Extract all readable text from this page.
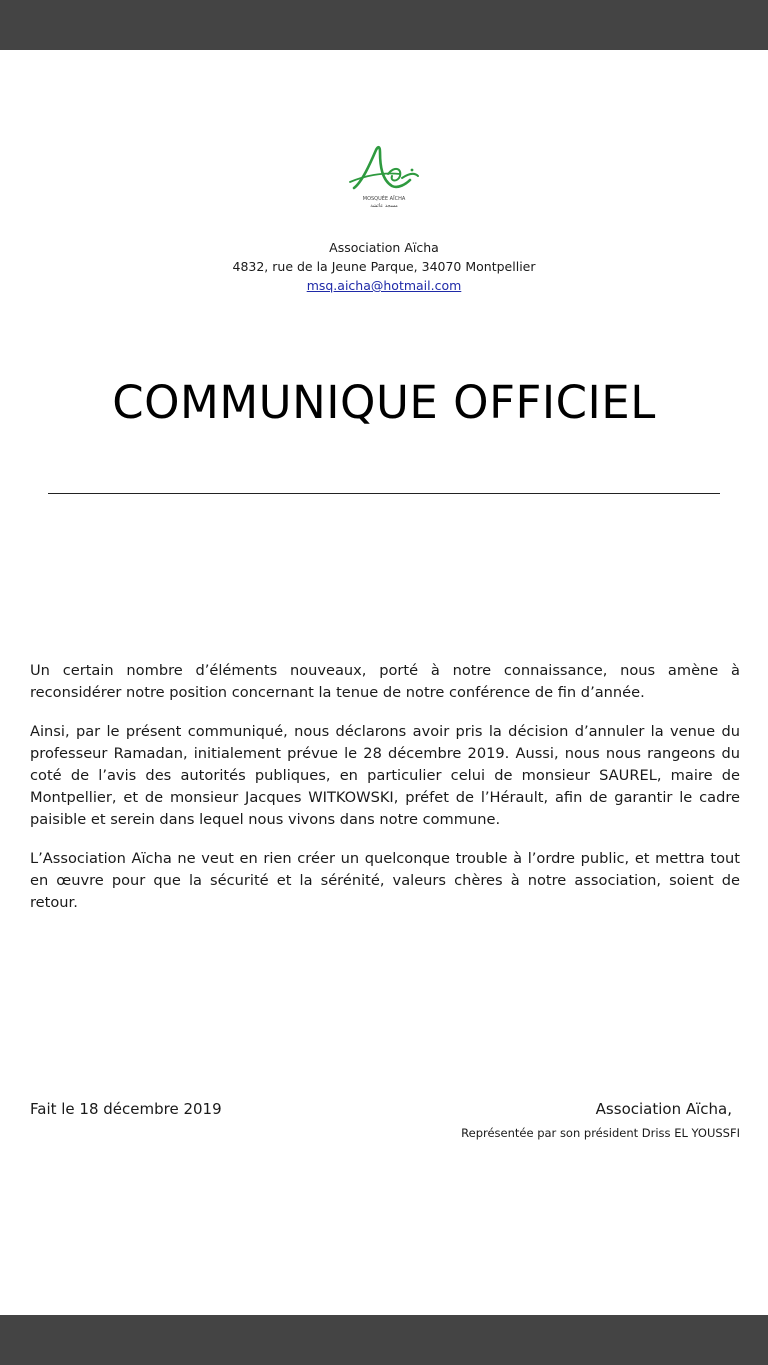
MOSQUÉE AÏCHA
مسجد عائشة
Association Aïcha
4832, rue de la Jeune Parque, 34070 Montpellier
msq.aicha@hotmail.com
COMMUNIQUE OFFICIEL

Un certain nombre d’éléments nouveaux, porté à notre connaissance, nous amène à reconsidérer notre position concernant la tenue de notre conférence de fin d’année.

Ainsi, par le présent communiqué, nous déclarons avoir pris la décision d’annuler la venue du professeur Ramadan, initialement prévue le 28 décembre 2019. Aussi, nous nous rangeons du coté de l’avis des autorités publiques, en particulier celui de monsieur SAUREL, maire de Montpellier, et de monsieur Jacques WITKOWSKI, préfet de l’Hérault, afin de garantir le cadre paisible et serein dans lequel nous vivons dans notre commune.

L’Association Aïcha ne veut en rien créer un quelconque trouble à l’ordre public, et mettra tout en œuvre pour que la sécurité et la sérénité, valeurs chères à notre association, soient de retour.

Fait le 18 décembre 2019	Association Aïcha,
Représentée par son président Driss EL YOUSSFI
